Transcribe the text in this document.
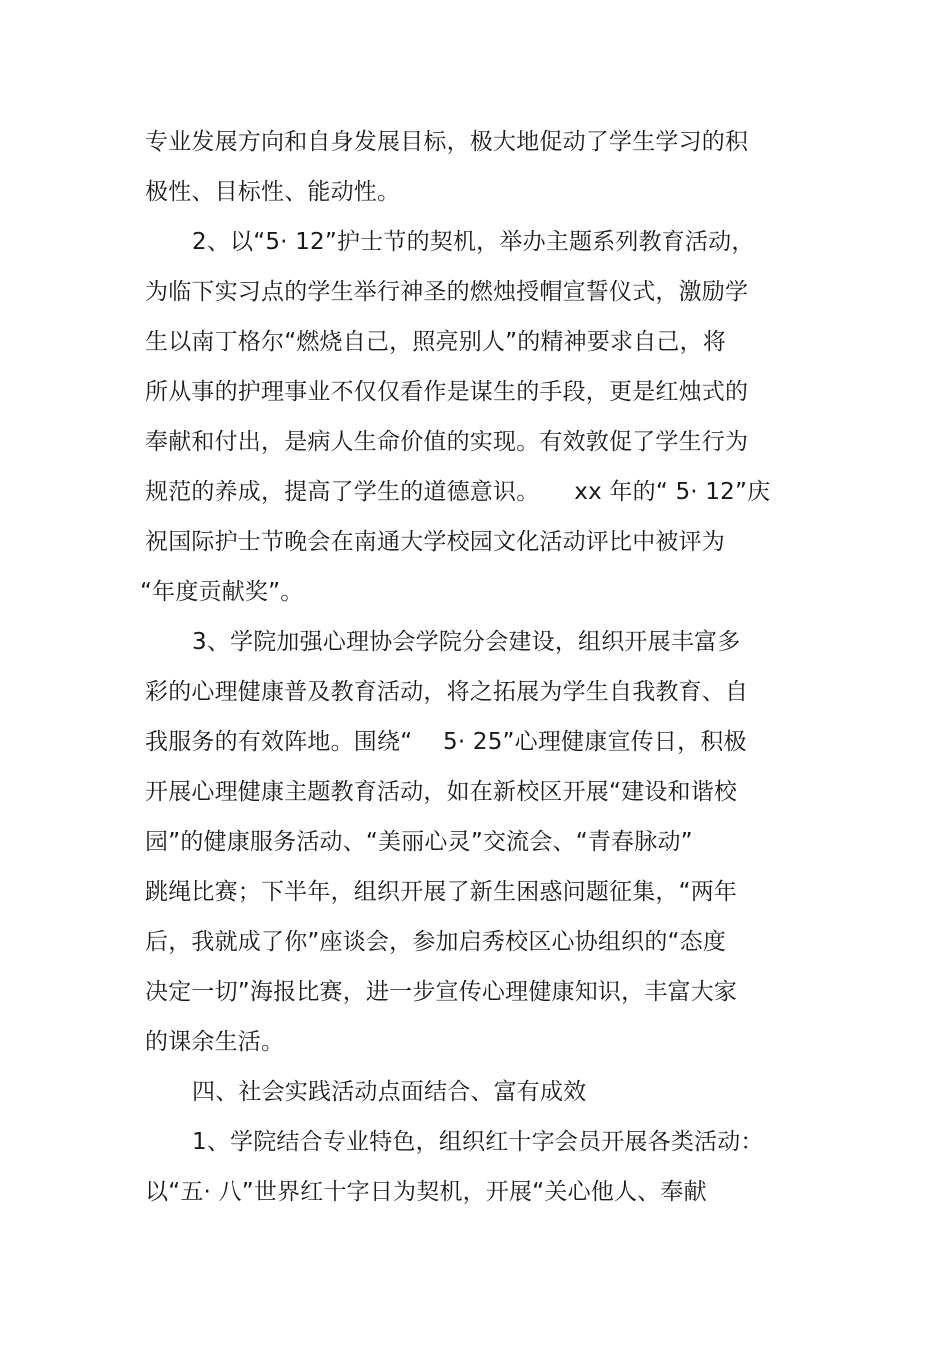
专业发展方向和自身发展目标，极大地促动了学生学习的积
极性、目标性、能动性。
2、以“5· 12”护士节的契机，举办主题系列教育活动，
为临下实习点的学生举行神圣的燃烛授帽宣誓仪式，激励学
生以南丁格尔“燃烧自己，照亮别人”的精神要求自己，将
所从事的护理事业不仅仅看作是谋生的手段，更是红烛式的
奉献和付出，是病人生命价值的实现。有效敦促了学生行为
规范的养成，提高了学生的道德意识。　　xx 年的“ 5· 12”庆
祝国际护士节晚会在南通大学校园文化活动评比中被评为
“年度贡献奖”。
3、学院加强心理协会学院分会建设，组织开展丰富多
彩的心理健康普及教育活动，将之拓展为学生自我教育、自
我服务的有效阵地。围绕“　 5· 25”心理健康宣传日，积极
开展心理健康主题教育活动，如在新校区开展“建设和谐校
园”的健康服务活动、“美丽心灵”交流会、“青春脉动”
跳绳比赛；下半年，组织开展了新生困惑问题征集，“两年
后，我就成了你”座谈会，参加启秀校区心协组织的“态度
决定一切”海报比赛，进一步宣传心理健康知识，丰富大家
的课余生活。
四、社会实践活动点面结合、富有成效
1、学院结合专业特色，组织红十字会员开展各类活动：
以“五· 八”世界红十字日为契机，开展“关心他人、奉献
